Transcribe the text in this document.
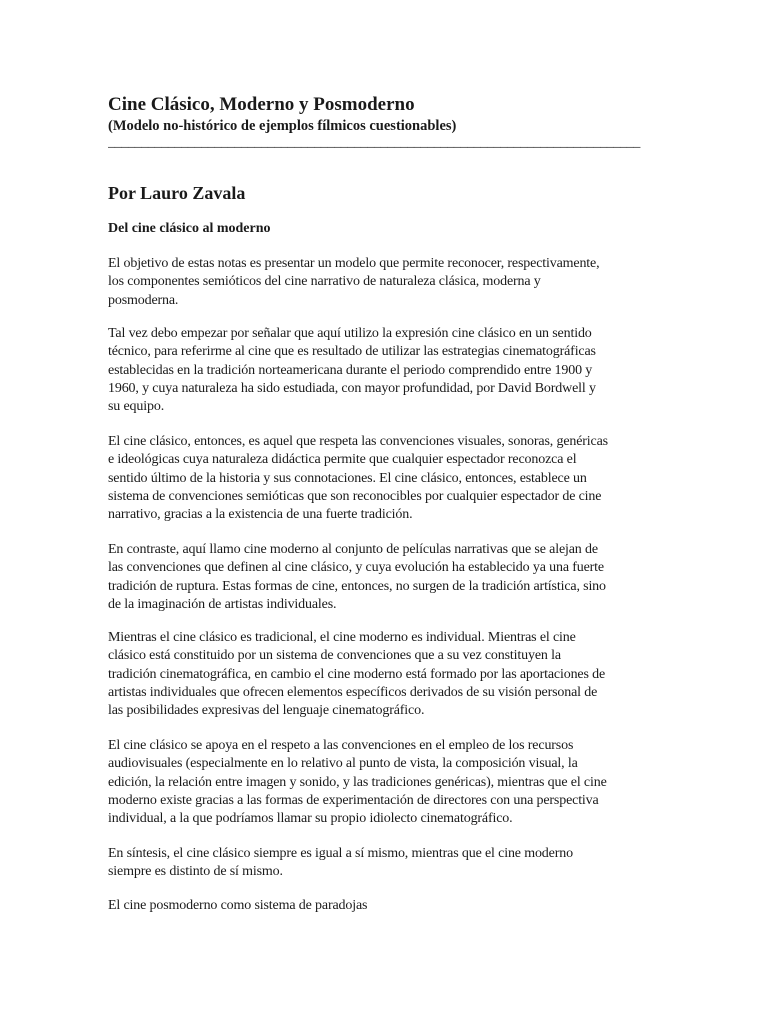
Cine Clásico, Moderno y Posmoderno
(Modelo no-histórico de ejemplos fílmicos cuestionables)
________________________________________________________________________________
Por Lauro Zavala
Del cine clásico al moderno
El objetivo de estas notas es presentar un modelo que permite reconocer, respectivamente,
los componentes semióticos del cine narrativo de naturaleza clásica, moderna y
posmoderna.
Tal vez debo empezar por señalar que aquí utilizo la expresión cine clásico en un sentido
técnico, para referirme al cine que es resultado de utilizar las estrategias cinematográficas
establecidas en la tradición norteamericana durante el periodo comprendido entre 1900 y
1960, y cuya naturaleza ha sido estudiada, con mayor profundidad, por David Bordwell y
su equipo.
El cine clásico, entonces, es aquel que respeta las convenciones visuales, sonoras, genéricas
e ideológicas cuya naturaleza didáctica permite que cualquier espectador reconozca el
sentido último de la historia y sus connotaciones. El cine clásico, entonces, establece un
sistema de convenciones semióticas que son reconocibles por cualquier espectador de cine
narrativo, gracias a la existencia de una fuerte tradición.
En contraste, aquí llamo cine moderno al conjunto de películas narrativas que se alejan de
las convenciones que definen al cine clásico, y cuya evolución ha establecido ya una fuerte
tradición de ruptura. Estas formas de cine, entonces, no surgen de la tradición artística, sino
de la imaginación de artistas individuales.
Mientras el cine clásico es tradicional, el cine moderno es individual. Mientras el cine
clásico está constituido por un sistema de convenciones que a su vez constituyen la
tradición cinematográfica, en cambio el cine moderno está formado por las aportaciones de
artistas individuales que ofrecen elementos específicos derivados de su visión personal de
las posibilidades expresivas del lenguaje cinematográfico.
El cine clásico se apoya en el respeto a las convenciones en el empleo de los recursos
audiovisuales (especialmente en lo relativo al punto de vista, la composición visual, la
edición, la relación entre imagen y sonido, y las tradiciones genéricas), mientras que el cine
moderno existe gracias a las formas de experimentación de directores con una perspectiva
individual, a la que podríamos llamar su propio idiolecto cinematográfico.
En síntesis, el cine clásico siempre es igual a sí mismo, mientras que el cine moderno
siempre es distinto de sí mismo.
El cine posmoderno como sistema de paradojas
